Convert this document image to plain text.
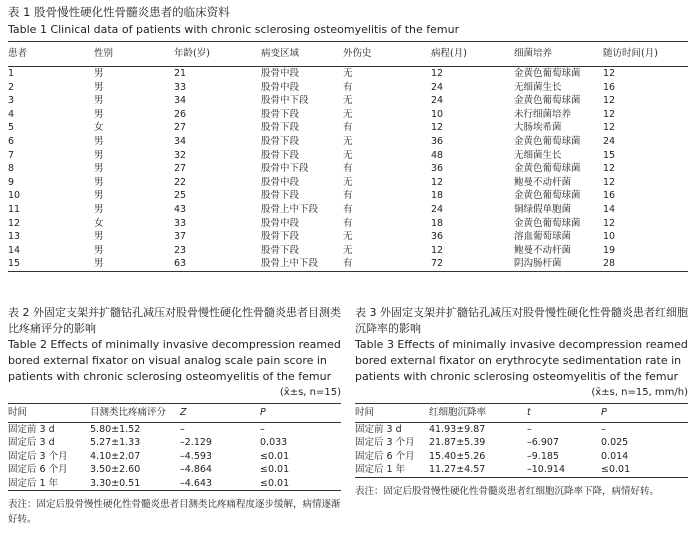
表 1 股骨慢性硬化性骨髓炎患者的临床资料
Table 1 Clinical data of patients with chronic sclerosing osteomyelitis of the femur
患者	性别	年龄(岁)	病变区域	外伤史	病程(月)	细菌培养	随访时间(月)
1	男	21	股骨中段	无	12	金黄色葡萄球菌	12
2	男	33	股骨中段	有	24	无细菌生长	16
3	男	34	股骨中下段	无	24	金黄色葡萄球菌	12
4	男	26	股骨下段	无	10	未行细菌培养	12
5	女	27	股骨下段	有	12	大肠埃希菌	12
6	男	34	股骨下段	无	36	金黄色葡萄球菌	24
7	男	32	股骨下段	无	48	无细菌生长	15
8	男	27	股骨中下段	有	36	金黄色葡萄球菌	12
9	男	22	股骨中段	无	12	鲍曼不动杆菌	12
10	男	25	股骨下段	有	18	金黄色葡萄球菌	16
11	男	43	股骨上中下段	有	24	铜绿假单胞菌	14
12	女	33	股骨中段	有	18	金黄色葡萄球菌	12
13	男	37	股骨下段	无	36	溶血葡萄球菌	10
14	男	23	股骨下段	无	12	鲍曼不动杆菌	19
15	男	63	股骨上中下段	有	72	阴沟肠杆菌	28
表 2 外固定支架并扩髓钻孔减压对股骨慢性硬化性骨髓炎患者目测类比疼痛评分的影响
Table 2 Effects of minimally invasive decompression reamed bored external fixator on visual analog scale pain score in patients with chronic sclerosing osteomyelitis of the femur
(x̄±s, n=15)
时间	目测类比疼痛评分	Z	P
固定前 3 d	5.80±1.52	–	–
固定后 3 d	5.27±1.33	–2.129	0.033
固定后 3 个月	4.10±2.07	–4.593	≤0.01
固定后 6 个月	3.50±2.60	–4.864	≤0.01
固定后 1 年	3.30±0.51	–4.643	≤0.01
表注：固定后股骨慢性硬化性骨髓炎患者目测类比疼痛程度逐步缓解，病情逐渐好转。
表 3 外固定支架并扩髓钻孔减压对股骨慢性硬化性骨髓炎患者红细胞沉降率的影响
Table 3 Effects of minimally invasive decompression reamed bored external fixator on erythrocyte sedimentation rate in patients with chronic sclerosing osteomyelitis of the femur
(x̄±s, n=15, mm/h)
时间	红细胞沉降率	t	P
固定前 3 d	41.93±9.87	–	–
固定后 3 个月	21.87±5.39	–6.907	0.025
固定后 6 个月	15.40±5.26	–9.185	0.014
固定后 1 年	11.27±4.57	–10.914	≤0.01
表注：固定后股骨慢性硬化性骨髓炎患者红细胞沉降率下降，病情好转。
